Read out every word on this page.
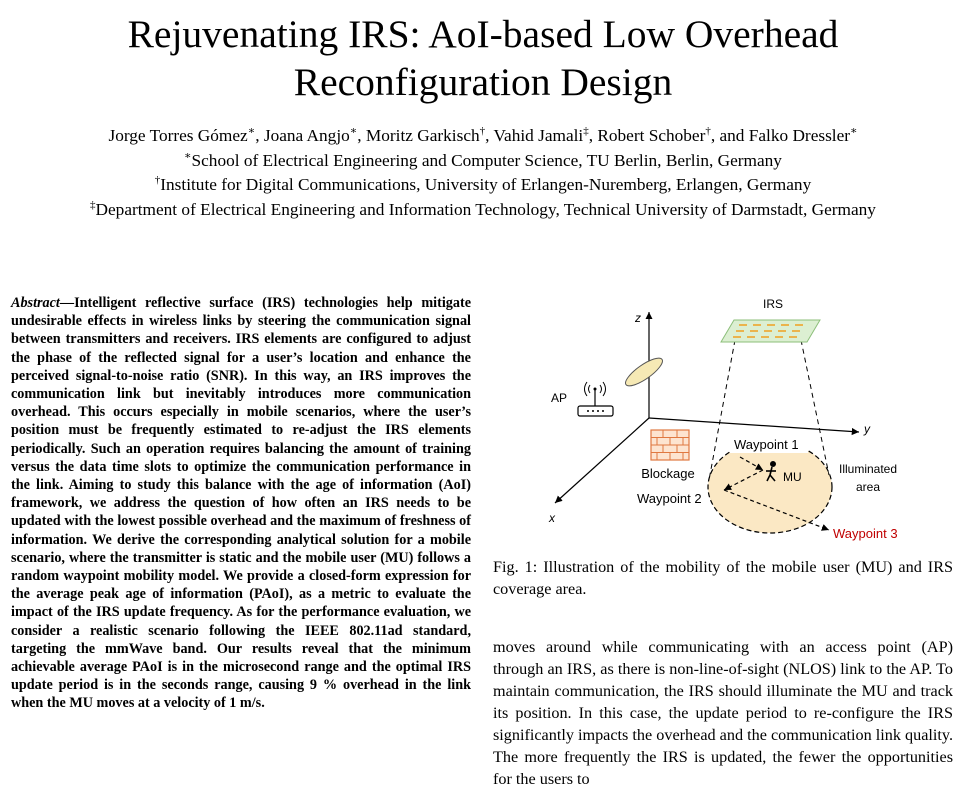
Rejuvenating IRS: AoI-based Low Overhead
Reconfiguration Design
Jorge Torres Gómez∗, Joana Angjo∗, Moritz Garkisch†, Vahid Jamali‡, Robert Schober†, and Falko Dressler∗
∗School of Electrical Engineering and Computer Science, TU Berlin, Berlin, Germany
†Institute for Digital Communications, University of Erlangen-Nuremberg, Erlangen, Germany
‡Department of Electrical Engineering and Information Technology, Technical University of Darmstadt, Germany
Abstract—Intelligent reflective surface (IRS) technologies help mitigate undesirable effects in wireless links by steering the communication signal between transmitters and receivers. IRS elements are configured to adjust the phase of the reflected signal for a user’s location and enhance the perceived signal-to-noise ratio (SNR). In this way, an IRS improves the communication link but inevitably introduces more communication overhead. This occurs especially in mobile scenarios, where the user’s position must be frequently estimated to re-adjust the IRS elements periodically. Such an operation requires balancing the amount of training versus the data time slots to optimize the communication performance in the link. Aiming to study this balance with the age of information (AoI) framework, we address the question of how often an IRS needs to be updated with the lowest possible overhead and the maximum of freshness of information. We derive the corresponding analytical solution for a mobile scenario, where the transmitter is static and the mobile user (MU) follows a random waypoint mobility model. We provide a closed-form expression for the average peak age of information (PAoI), as a metric to evaluate the impact of the IRS update frequency. As for the performance evaluation, we consider a realistic scenario following the IEEE 802.11ad standard, targeting the mmWave band. Our results reveal that the minimum achievable average PAoI is in the microsecond range and the optimal IRS update period is in the seconds range, causing 9 % overhead in the link when the MU moves at a velocity of 1 m/s.
IRS
z
y
x
AP
Blockage
Waypoint 1
Waypoint 2
Waypoint 3
MU
Illuminated
area
Fig. 1: Illustration of the mobility of the mobile user (MU) and IRS coverage area.
moves around while communicating with an access point (AP) through an IRS, as there is non-line-of-sight (NLOS) link to the AP. To maintain communication, the IRS should illuminate the MU and track its position. In this case, the update period to re-configure the IRS significantly impacts the overhead and the communication link quality. The more frequently the IRS is updated, the fewer the opportunities for the users to
